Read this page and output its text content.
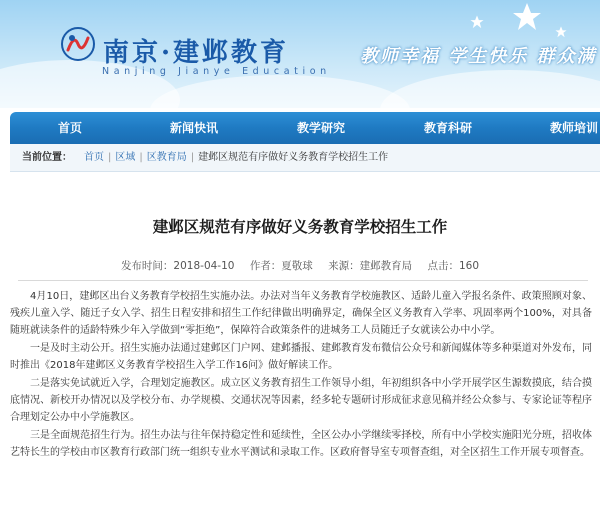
南京·建邺教育
Nanjing Jianye Education
教师幸福 学生快乐 群众满
首页	新闻快讯	教学研究	教育科研	教师培训
当前位置： 首页 | 区域 | 区教育局 | 建邺区规范有序做好义务教育学校招生工作
建邺区规范有序做好义务教育学校招生工作
发布时间：2018-04-10 作者：夏敬球 来源：建邺教育局 点击：160

4月10日，建邺区出台义务教育学校招生实施办法。办法对当年义务教育学校施教区、适龄儿童入学报名条件、政策照顾对象、残疾儿童入学、随迁子女入学、招生日程安排和招生工作纪律做出明确界定，确保全区义务教育入学率、巩固率两个100%，对具备随班就读条件的适龄特殊少年入学做到“零拒绝”，保障符合政策条件的进城务工人员随迁子女就读公办中小学。

一是及时主动公开。招生实施办法通过建邺区门户网、建邺播报、建邺教育发布微信公众号和新闻媒体等多种渠道对外发布，同时推出《2018年建邺区义务教育学校招生入学工作16问》做好解读工作。

二是落实免试就近入学，合理划定施教区。成立区义务教育招生工作领导小组，年初组织各中小学开展学区生源数摸底，结合摸底情况、新校开办情况以及学校分布、办学规模、交通状况等因素，经多轮专题研讨形成征求意见稿并经公众参与、专家论证等程序合理划定公办中小学施教区。

三是全面规范招生行为。招生办法与往年保持稳定性和延续性，全区公办小学继续零择校，所有中小学校实施阳光分班，招收体艺特长生的学校由市区教育行政部门统一组织专业水平测试和录取工作。区政府督导室专项督查组，对全区招生工作开展专项督查。
